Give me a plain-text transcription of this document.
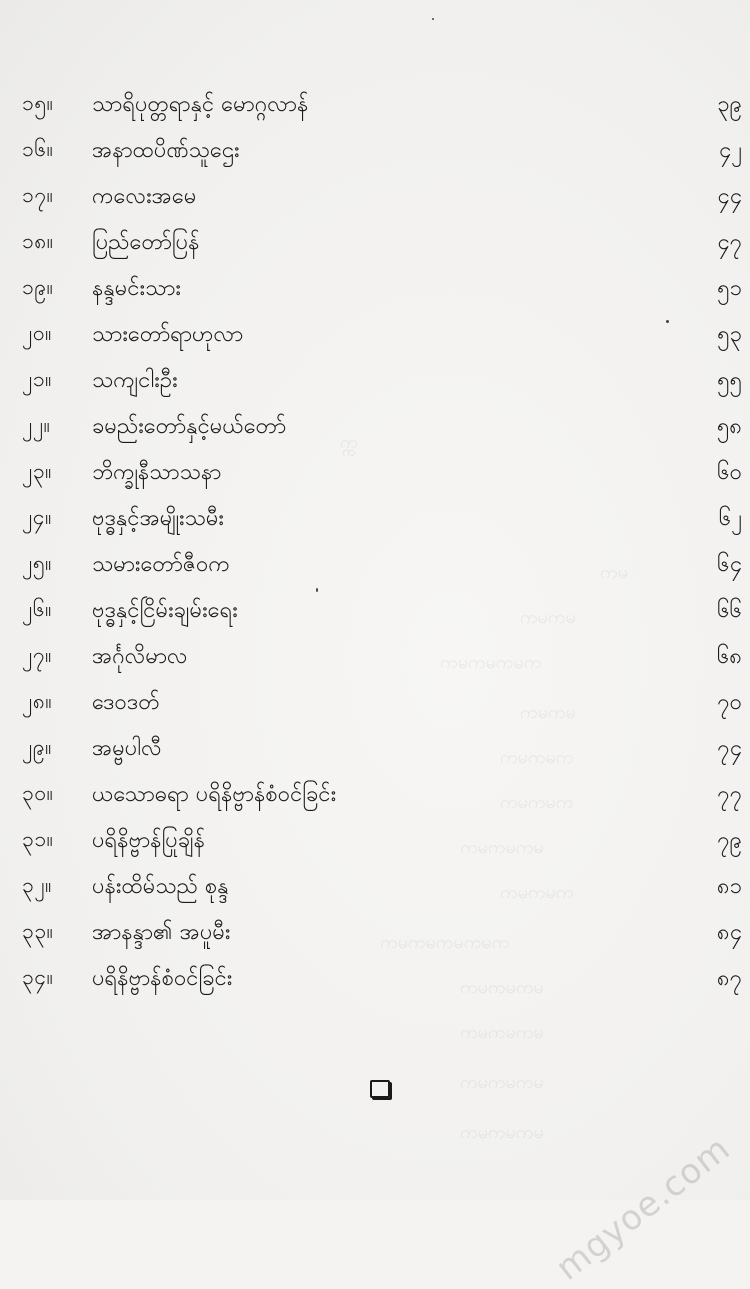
က္က
ကမ
ကမကမ
ကမကမကမက
ကမကမ
ကမကမက
ကမကမက
ကမကမကမ
ကမကမက
ကမကမကမကမက
ကမကမကမ
ကမကမကမ
ကမကမကမ
ကမကမကမ
၁၅။	သာရိပုတ္တရာနှင့် မောဂ္ဂလာန်	၃၉
၁၆။	အနာထပိဏ်သူဌေး	၄၂
၁၇။	ကလေးအမေ	၄၄
၁၈။	ပြည်တော်ပြန်	၄၇
၁၉။	နန္ဒမင်းသား	၅၁
၂၀။	သားတော်ရာဟုလာ	၅၃
၂၁။	သကျငါးဦး	၅၅
၂၂။	ခမည်းတော်နှင့်မယ်တော်	၅၈
၂၃။	ဘိက္ခုနီသာသနာ	၆၀
၂၄။	ဗုဒ္ဓနှင့်အမျိုးသမီး	၆၂
၂၅။	သမားတော်ဇီဝက	၆၄
၂၆။	ဗုဒ္ဓနှင့်ငြိမ်းချမ်းရေး	၆၆
၂၇။	အင်္ဂုလိမာလ	၆၈
၂၈။	ဒေဝဒတ်	၇၀
၂၉။	အမ္ဗပါလီ	၇၄
၃၀။	ယသောဓရာ ပရိနိဗ္ဗာန်စံဝင်ခြင်း	၇၇
၃၁။	ပရိနိဗ္ဗာန်ပြုချိန်	၇၉
၃၂။	ပန်းထိမ်သည် စုန္ဒ	၈၁
၃၃။	အာနန္ဒာ၏ အပူမီး	၈၄
၃၄။	ပရိနိဗ္ဗာန်စံဝင်ခြင်း	၈၇
mgyoe.com
